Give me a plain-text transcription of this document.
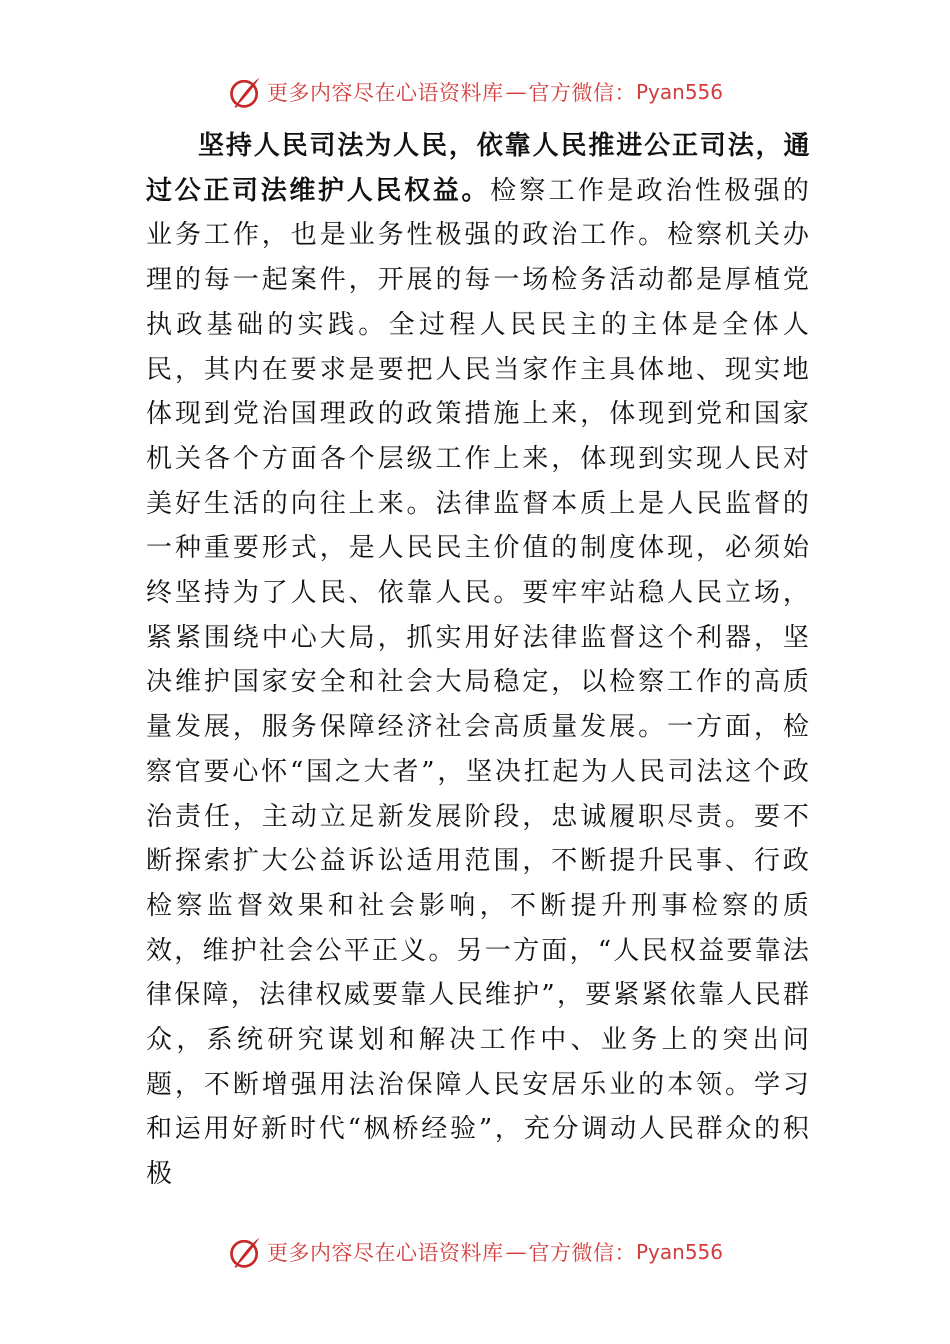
更多内容尽在心语资料库 — 官方微信： Pyan556
坚持人民司法为人民，依靠人民推进公正司法，通过公正司法维护人民权益。检察工作是政治性极强的业务工作，也是业务性极强的政治工作。检察机关办理的每一起案件，开展的每一场检务活动都是厚植党执政基础的实践。全过程人民民主的主体是全体人民，其内在要求是要把人民当家作主具体地、现实地体现到党治国理政的政策措施上来，体现到党和国家机关各个方面各个层级工作上来，体现到实现人民对美好生活的向往上来。法律监督本质上是人民监督的一种重要形式，是人民民主价值的制度体现，必须始终坚持为了人民、依靠人民。要牢牢站稳人民立场，紧紧围绕中心大局，抓实用好法律监督这个利器，坚决维护国家安全和社会大局稳定，以检察工作的高质量发展，服务保障经济社会高质量发展。一方面，检察官要心怀“国之大者”，坚决扛起为人民司法这个政治责任，主动立足新发展阶段，忠诚履职尽责。要不断探索扩大公益诉讼适用范围，不断提升民事、行政检察监督效果和社会影响，不断提升刑事检察的质效，维护社会公平正义。另一方面，“人民权益要靠法律保障，法律权威要靠人民维护”，要紧紧依靠人民群众，系统研究谋划和解决工作中、业务上的突出问题，不断增强用法治保障人民安居乐业的本领。学习和运用好新时代“枫桥经验”，充分调动人民群众的积极
更多内容尽在心语资料库 — 官方微信： Pyan556
